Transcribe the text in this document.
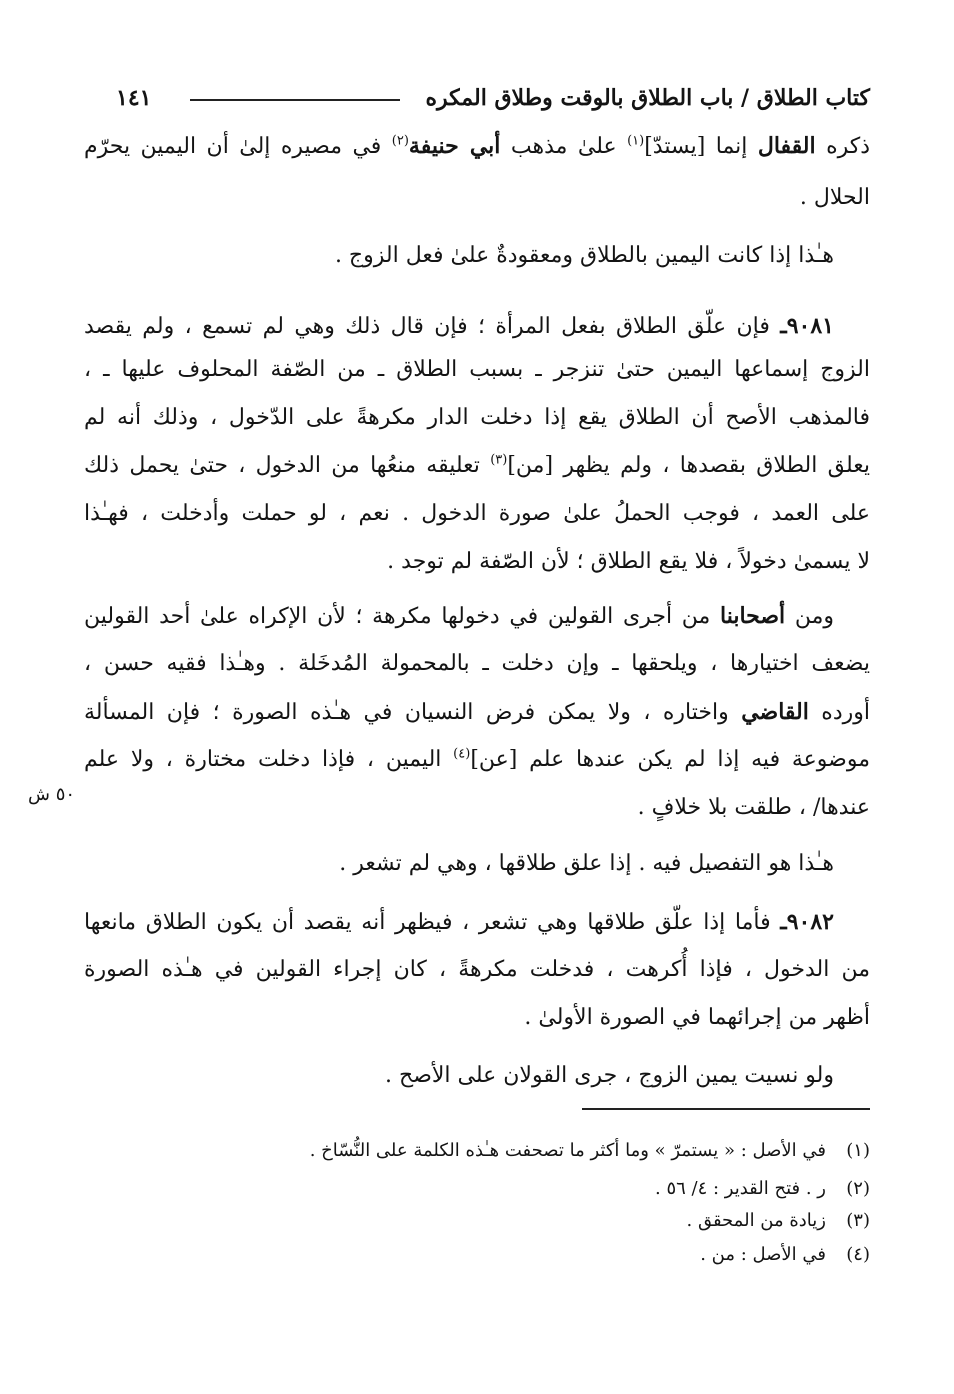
كتاب الطلاق / باب الطلاق بالوقت وطلاق المكره
١٤١
ذكره القفال إنما [يستدّ]$^{(١)}$ علىٰ مذهب أبي حنيفة$^{(٢)}$ في مصيره إلىٰ أن اليمين يحرّم
الحلال .
هـٰذا إذا كانت اليمين بالطلاق ومعقودةٌ علىٰ فعل الزوج .
٩٠٨١ـ فإن علّق الطلاق بفعل المرأة ؛ فإن قال ذلك وهي لم تسمع ، ولم يقصد
الزوج إسماعها اليمين حتىٰ تنزجر ـ بسبب الطلاق ـ من الصّفة المحلوف عليها ـ ،
فالمذهب الأصح أن الطلاق يقع إذا دخلت الدار مكرهةً على الدّخول ، وذلك أنه لم
يعلق الطلاق بقصدها ، ولم يظهر [من]$^{(٣)}$ تعليقه منعُها من الدخول ، حتىٰ يحمل ذلك
على العمد ، فوجب الحملُ علىٰ صورة الدخول . نعم ، لو حملت وأدخلت ، فهـٰذا
لا يسمىٰ دخولاً ، فلا يقع الطلاق ؛ لأن الصّفة لم توجد .
ومن أصحابنا من أجرى القولين في دخولها مكرهة ؛ لأن الإكراه علىٰ أحد القولين
يضعف اختيارها ، ويلحقها ـ وإن دخلت ـ بالمحمولة المُدخَلة . وهـٰذا فقيه حسن ،
أورده القاضي واختاره ، ولا يمكن فرض النسيان في هـٰذه الصورة ؛ فإن المسألة
موضوعة فيه إذا لم يكن عندها علم [عن]$^{(٤)}$ اليمين ، فإذا دخلت مختارة ، ولا علم
عندها/ ، طلقت بلا خلافٍ .
٥٠ ش
هـٰذا هو التفصيل فيه . إذا علق طلاقها ، وهي لم تشعر .
٩٠٨٢ـ فأما إذا علّق طلاقها وهي تشعر ، فيظهر أنه يقصد أن يكون الطلاق مانعها
من الدخول ، فإذا أُكرهت ، فدخلت مكرهةً ، كان إجراء القولين في هـٰذه الصورة
أظهر من إجرائهما في الصورة الأولىٰ .
ولو نسيت يمين الزوج ، جرى القولان على الأصح .
(١)في الأصل : « يستمرّ » وما أكثر ما تصحفت هـٰذه الكلمة على النُّسّاخ .
(٢)ر . فتح القدير : ٤/ ٥٦ .
(٣)زيادة من المحقق .
(٤)في الأصل : من .
